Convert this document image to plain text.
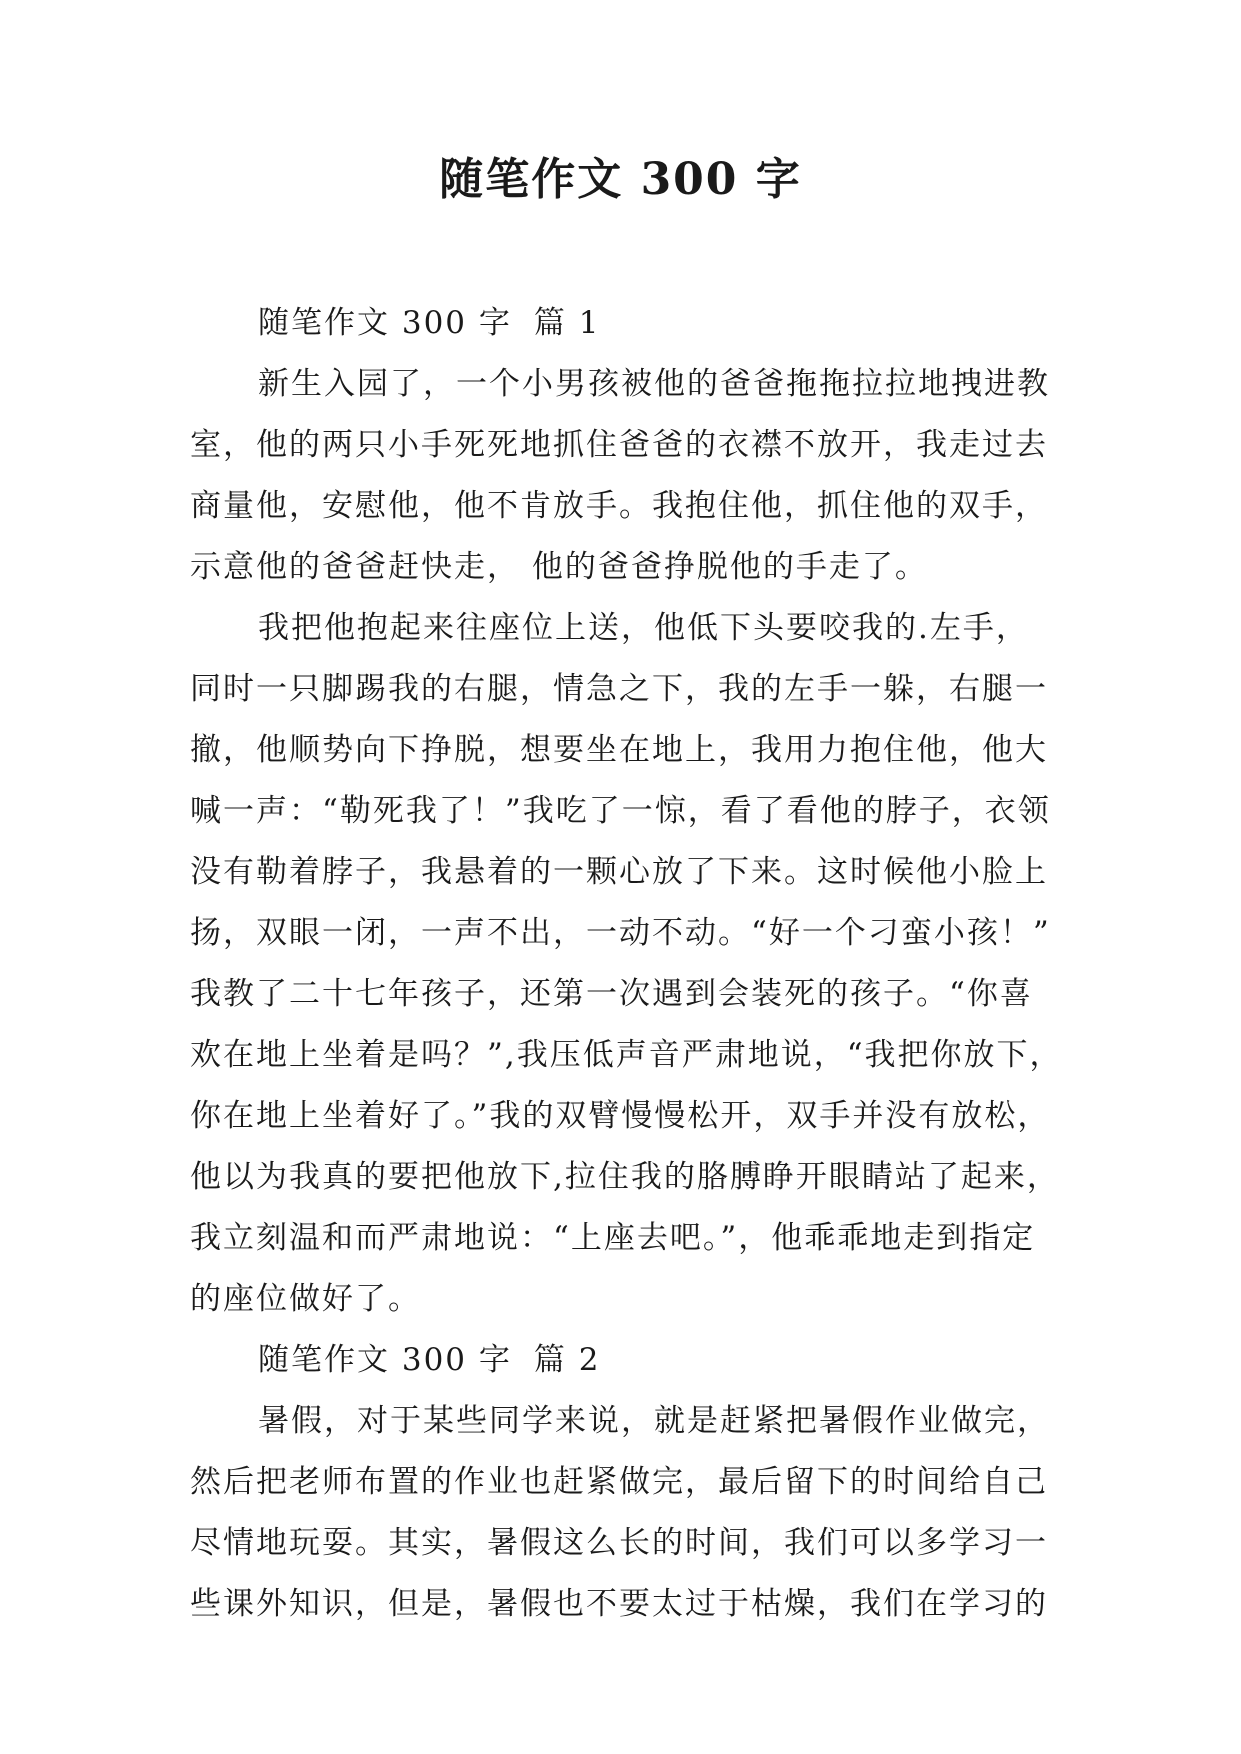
随笔作文 300 字
随笔作文 300 字 篇 1
新生入园了，一个小男孩被他的爸爸拖拖拉拉地拽进教
室，他的两只小手死死地抓住爸爸的衣襟不放开，我走过去
商量他，安慰他，他不肯放手。我抱住他，抓住他的双手，
示意他的爸爸赶快走， 他的爸爸挣脱他的手走了。
我把他抱起来往座位上送，他低下头要咬我的.左手，
同时一只脚踢我的右腿，情急之下，我的左手一躲，右腿一
撤，他顺势向下挣脱，想要坐在地上，我用力抱住他，他大
喊一声：“勒死我了！”我吃了一惊，看了看他的脖子，衣领
没有勒着脖子，我悬着的一颗心放了下来。这时候他小脸上
扬，双眼一闭，一声不出，一动不动。“好一个刁蛮小孩！”
我教了二十七年孩子，还第一次遇到会装死的孩子。“你喜
欢在地上坐着是吗？”,我压低声音严肃地说，“我把你放下，
你在地上坐着好了。”我的双臂慢慢松开，双手并没有放松，
他以为我真的要把他放下,拉住我的胳膊睁开眼睛站了起来，
我立刻温和而严肃地说：“上座去吧。”，他乖乖地走到指定
的座位做好了。
随笔作文 300 字 篇 2
暑假，对于某些同学来说，就是赶紧把暑假作业做完，
然后把老师布置的作业也赶紧做完，最后留下的时间给自己
尽情地玩耍。其实，暑假这么长的时间，我们可以多学习一
些课外知识，但是，暑假也不要太过于枯燥，我们在学习的
